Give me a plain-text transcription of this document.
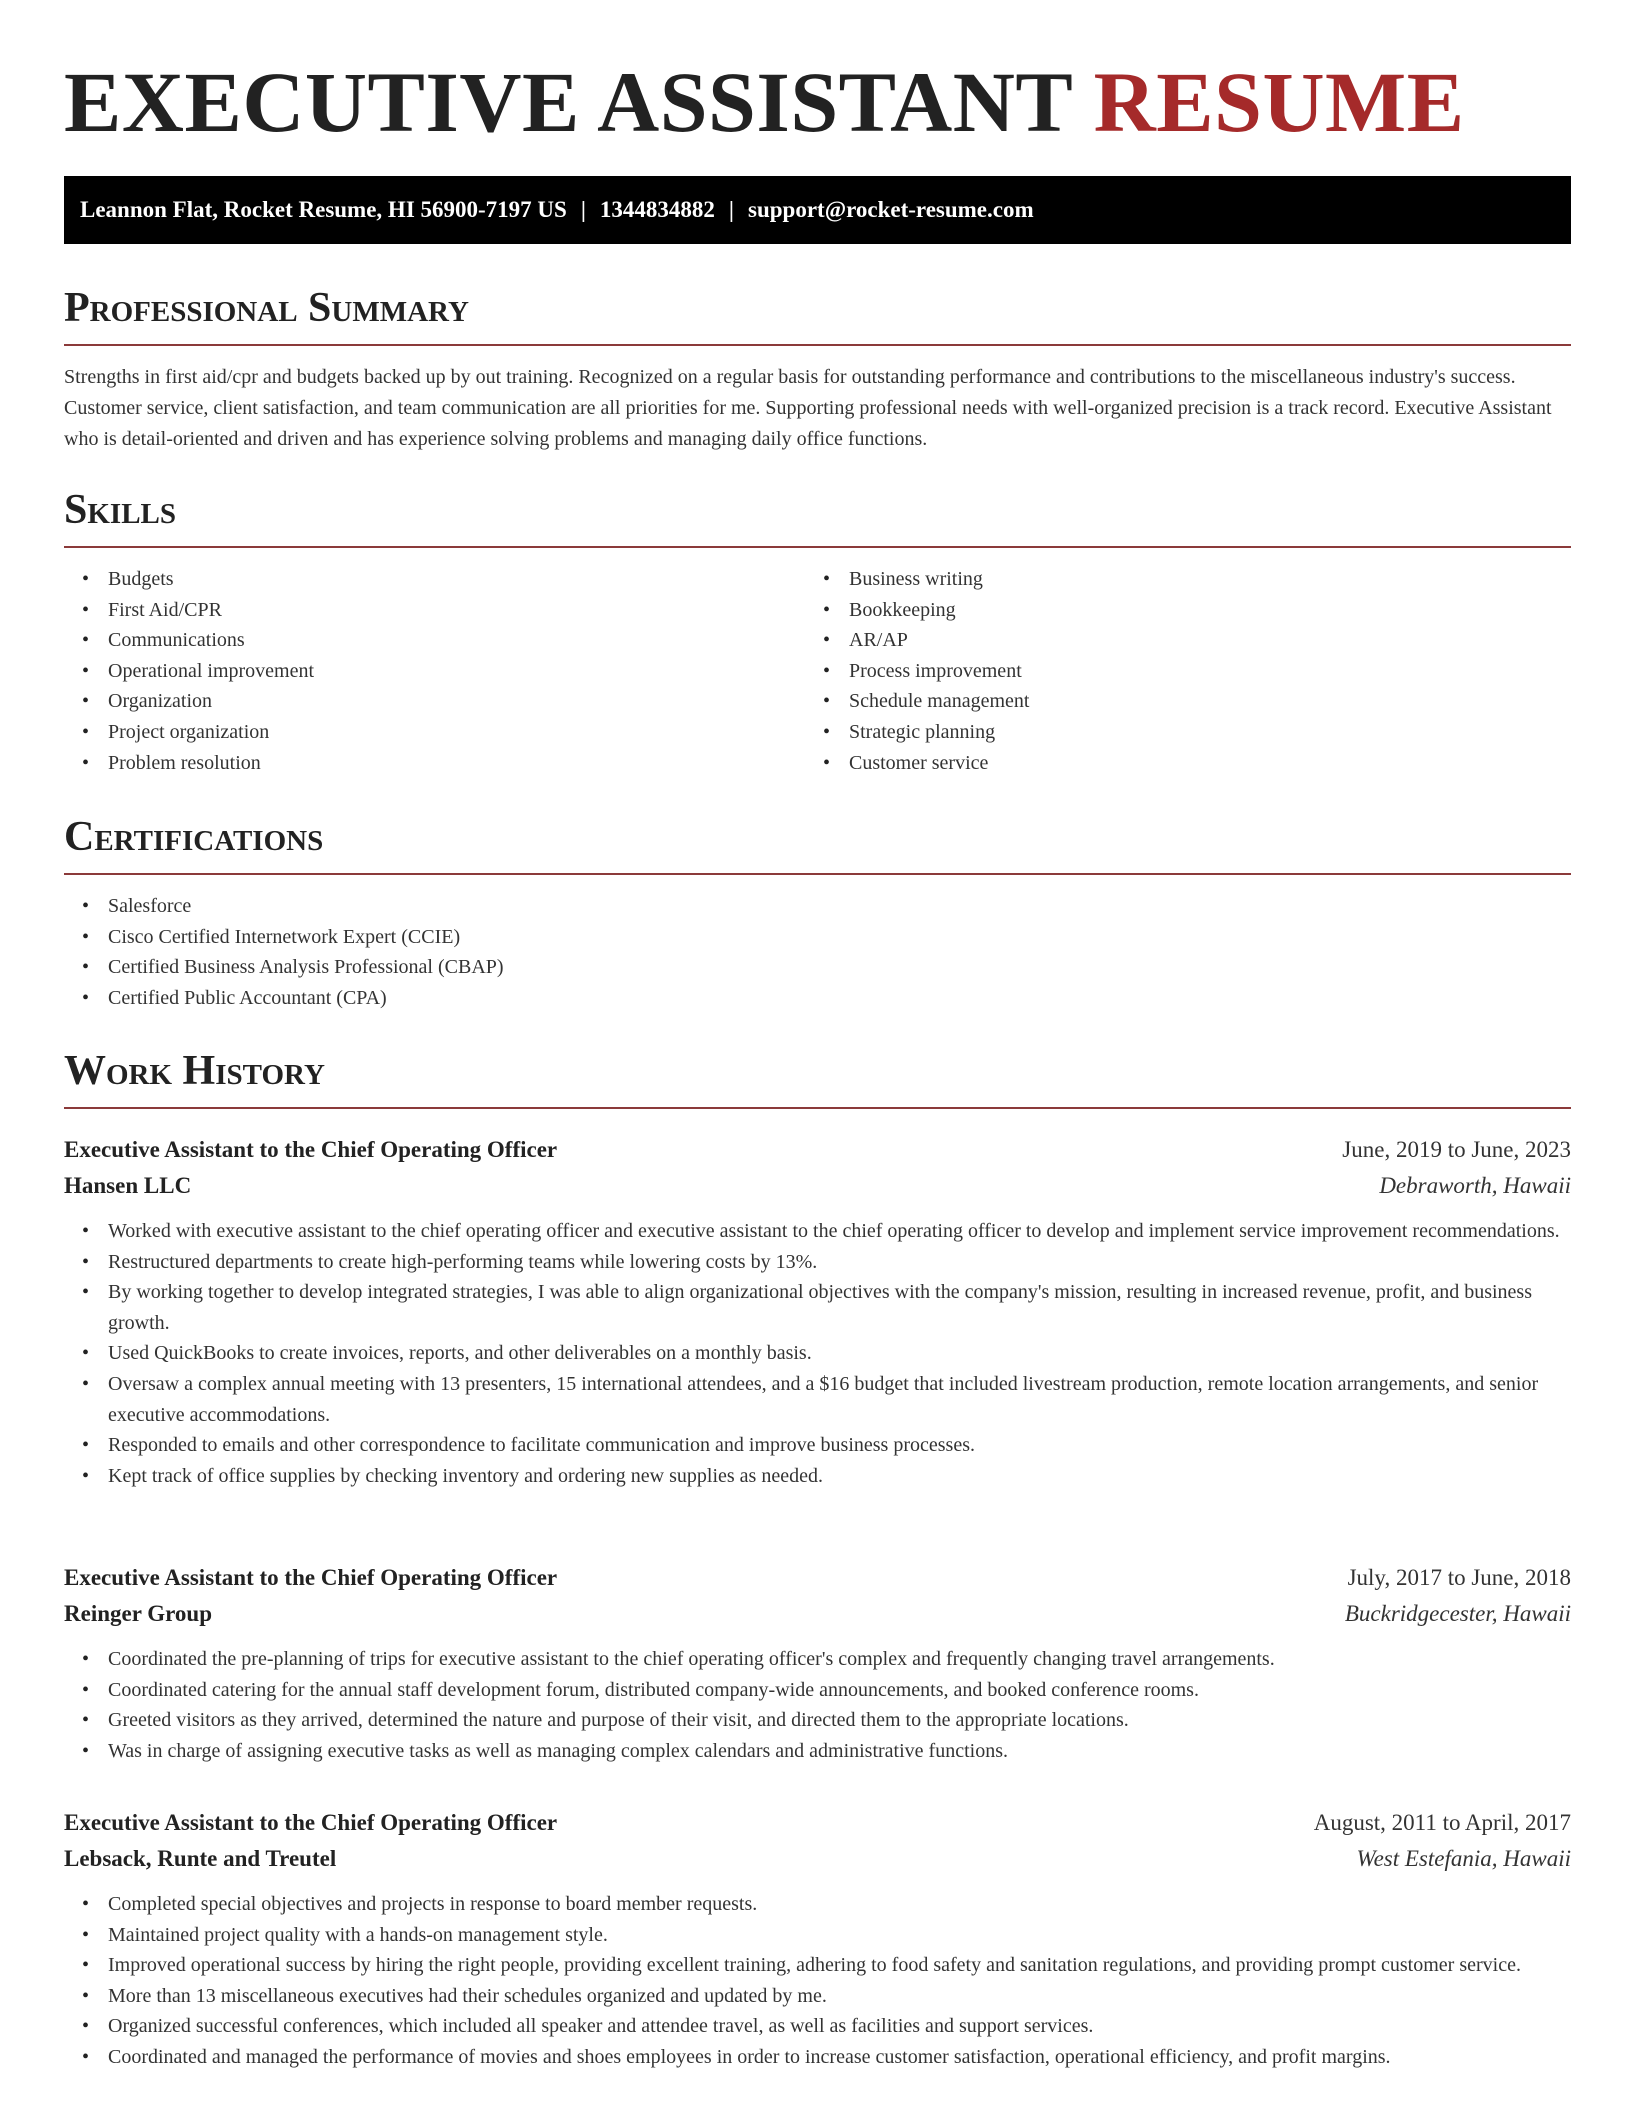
EXECUTIVE ASSISTANT RESUME
Leannon Flat, Rocket Resume, HI 56900-7197 US | 1344834882 | support@rocket-resume.com
Professional Summary

Strengths in first aid/cpr and budgets backed up by out training. Recognized on a regular basis for outstanding performance and contributions to the miscellaneous industry's success. Customer service, client satisfaction, and team communication are all priorities for me. Supporting professional needs with well-organized precision is a track record. Executive Assistant who is detail-oriented and driven and has experience solving problems and managing daily office functions.

Skills
• Budgets
• First Aid/CPR
• Communications
• Operational improvement
• Organization
• Project organization
• Problem resolution
• Business writing
• Bookkeeping
• AR/AP
• Process improvement
• Schedule management
• Strategic planning
• Customer service
Certifications
• Salesforce
• Cisco Certified Internetwork Expert (CCIE)
• Certified Business Analysis Professional (CBAP)
• Certified Public Accountant (CPA)
Work History
Executive Assistant to the Chief Operating Officer	June, 2019 to June, 2023
Hansen LLC	Debraworth, Hawaii
• Worked with executive assistant to the chief operating officer and executive assistant to the chief operating officer to develop and implement service improvement recommendations.
• Restructured departments to create high-performing teams while lowering costs by 13%.
• By working together to develop integrated strategies, I was able to align organizational objectives with the company's mission, resulting in increased revenue, profit, and business growth.
• Used QuickBooks to create invoices, reports, and other deliverables on a monthly basis.
• Oversaw a complex annual meeting with 13 presenters, 15 international attendees, and a $16 budget that included livestream production, remote location arrangements, and senior executive accommodations.
• Responded to emails and other correspondence to facilitate communication and improve business processes.
• Kept track of office supplies by checking inventory and ordering new supplies as needed.
Executive Assistant to the Chief Operating Officer	July, 2017 to June, 2018
Reinger Group	Buckridgecester, Hawaii
• Coordinated the pre-planning of trips for executive assistant to the chief operating officer's complex and frequently changing travel arrangements.
• Coordinated catering for the annual staff development forum, distributed company-wide announcements, and booked conference rooms.
• Greeted visitors as they arrived, determined the nature and purpose of their visit, and directed them to the appropriate locations.
• Was in charge of assigning executive tasks as well as managing complex calendars and administrative functions.
Executive Assistant to the Chief Operating Officer	August, 2011 to April, 2017
Lebsack, Runte and Treutel	West Estefania, Hawaii
• Completed special objectives and projects in response to board member requests.
• Maintained project quality with a hands-on management style.
• Improved operational success by hiring the right people, providing excellent training, adhering to food safety and sanitation regulations, and providing prompt customer service.
• More than 13 miscellaneous executives had their schedules organized and updated by me.
• Organized successful conferences, which included all speaker and attendee travel, as well as facilities and support services.
• Coordinated and managed the performance of movies and shoes employees in order to increase customer satisfaction, operational efficiency, and profit margins.
